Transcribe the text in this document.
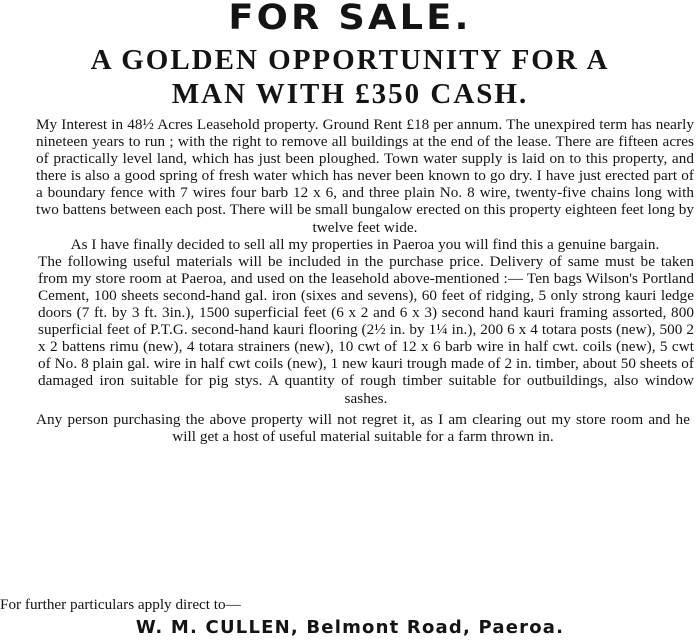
FOR SALE.
A GOLDEN OPPORTUNITY FOR A
MAN WITH £350 CASH.

My Interest in 48½ Acres Leasehold property. Ground Rent £18 per annum. The unexpired term has nearly nineteen years to run ; with the right to remove all buildings at the end of the lease. There are fifteen acres of practically level land, which has just been ploughed. Town water supply is laid on to this property, and there is also a good spring of fresh water which has never been known to go dry. I have just erected part of a boundary fence with 7 wires four barb 12 x 6, and three plain No. 8 wire, twenty-five chains long with two battens between each post. There will be small bungalow erected on this property eighteen feet long by twelve feet wide.

As I have finally decided to sell all my properties in Paeroa you will find this a genuine bargain.

The following useful materials will be included in the purchase price. Delivery of same must be taken from my store room at Paeroa, and used on the leasehold above-mentioned :— Ten bags Wilson's Portland Cement, 100 sheets second-hand gal. iron (sixes and sevens), 60 feet of ridging, 5 only strong kauri ledge doors (7 ft. by 3 ft. 3in.), 1500 superficial feet (6 x 2 and 6 x 3) second hand kauri framing assorted, 800 superficial feet of P.T.G. second-hand kauri flooring (2½ in. by 1¼ in.), 200 6 x 4 totara posts (new), 500 2 x 2 battens rimu (new), 4 totara strainers (new), 10 cwt of 12 x 6 barb wire in half cwt. coils (new), 5 cwt of No. 8 plain gal. wire in half cwt coils (new), 1 new kauri trough made of 2 in. timber, about 50 sheets of damaged iron suitable for pig stys. A quantity of rough timber suitable for outbuildings, also window sashes.

Any person purchasing the above property will not regret it, as I am clearing out my store room and he will get a host of useful material suitable for a farm thrown in.

For further particulars apply direct to—
W. M. CULLEN, Belmont Road, Paeroa.
